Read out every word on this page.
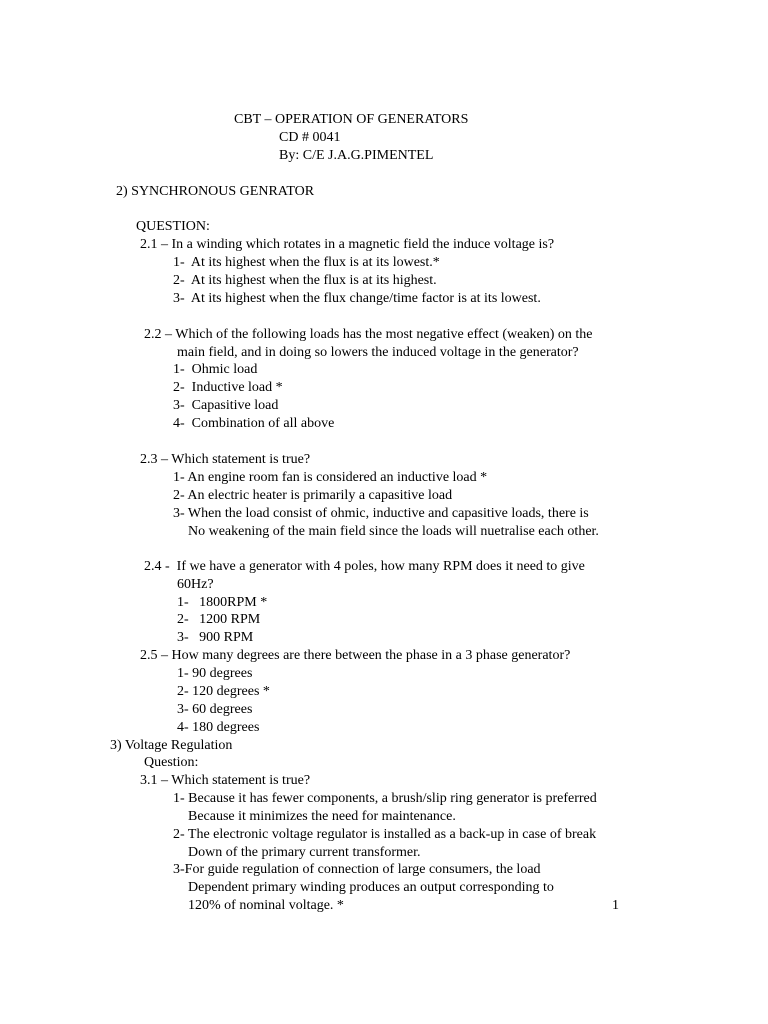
CBT – OPERATION OF GENERATORS
CD # 0041
By: C/E J.A.G.PIMENTEL
2) SYNCHRONOUS GENRATOR
QUESTION:
2.1 – In a winding which rotates in a magnetic field the induce voltage is?
1-  At its highest when the flux is at its lowest.*
2-  At its highest when the flux is at its highest.
3-  At its highest when the flux change/time factor is at its lowest.
2.2 – Which of the following loads has the most negative effect (weaken) on the
main field, and in doing so lowers the induced voltage in the generator?
1-  Ohmic load
2-  Inductive load *
3-  Capasitive load
4-  Combination of all above
2.3 – Which statement is true?
1- An engine room fan is considered an inductive load *
2- An electric heater is primarily a capasitive load
3- When the load consist of ohmic, inductive and capasitive loads, there is
No weakening of the main field since the loads will nuetralise each other.
2.4 -  If we have a generator with 4 poles, how many RPM does it need to give
60Hz?
1-   1800RPM *
2-   1200 RPM
3-   900 RPM
2.5 – How many degrees are there between the phase in a 3 phase generator?
1- 90 degrees
2- 120 degrees *
3- 60 degrees
4- 180 degrees
3) Voltage Regulation
Question:
3.1 – Which statement is true?
1- Because it has fewer components, a brush/slip ring generator is preferred
Because it minimizes the need for maintenance.
2- The electronic voltage regulator is installed as a back-up in case of break
Down of the primary current transformer.
3-For guide regulation of connection of large consumers, the load
Dependent primary winding produces an output corresponding to
120% of nominal voltage. *	1
